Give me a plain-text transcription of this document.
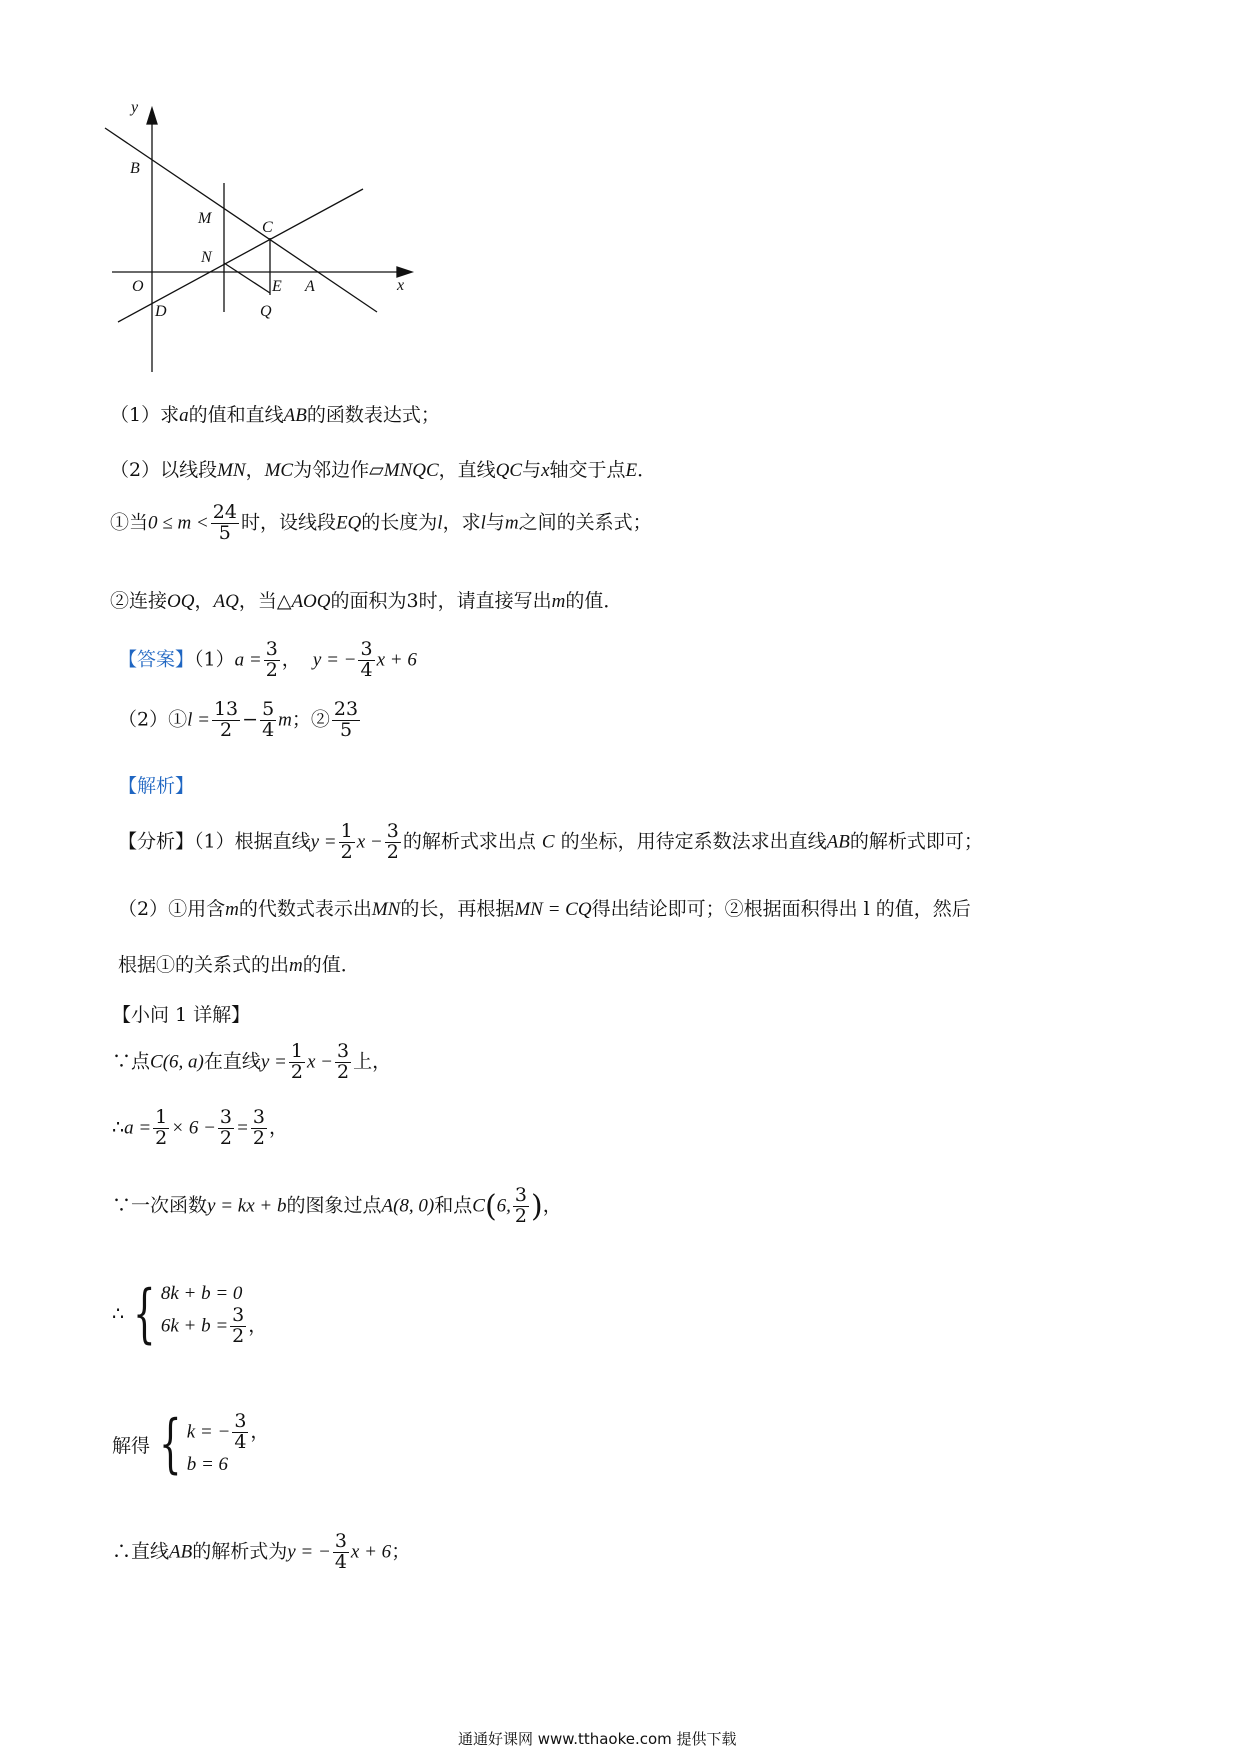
y
x
B
M
C
N
O	E A
D	Q
（1）求a的值和直线AB的函数表达式；
（2）以线段MN，MC为邻边作▱MNQC，直线QC与x轴交于点E．
①当$0 \le m < \frac{24}{5}$ 时，设线段EQ的长度为l，求l与m之间的关系式；
②连接OQ，AQ，当△AOQ的面积为3时，请直接写出m的值．
【答案】$(1)a = \frac{3}{2}$ ， y = − $\frac{3}{4}$ x + 6
（2）①l = $\frac{13}{2} - \frac{5}{4}$ m；② $\frac{23}{5}$
【解析】
【分析】（1）根据直线$y = \frac{1}{2}$ $x - \frac{3}{2}$ 的解析式求出点 C 的坐标，用待定系数法求出直线AB的解析式即可；
（2）①用含m的代数式表示出MN的长，再根据MN = CQ得出结论即可；②根据面积得出 l 的值，然后
根据①的关系式的出m的值．
【小问 1 详解】
∵点C(6, a)在直线$y = \frac{1}{2}$ $x - \frac{3}{2}$ 上，
∴a = $\frac{1}{2} \times 6 - \frac{3}{2} = \frac{3}{2}$ ，
∵一次函数y = kx + b的图象过点A(8, 0)和点C(6, $\frac{3}{2}$ )，
∴ { 8k + b = 0
$6k + b = \frac{3}{2}$ ，
解得 { k = − $\frac{3}{4}$ ，
b = 6
∴直线AB的解析式为y = − $\frac{3}{4}$ x + 6；
通通好课网 www.tthaoke.com 提供下载
